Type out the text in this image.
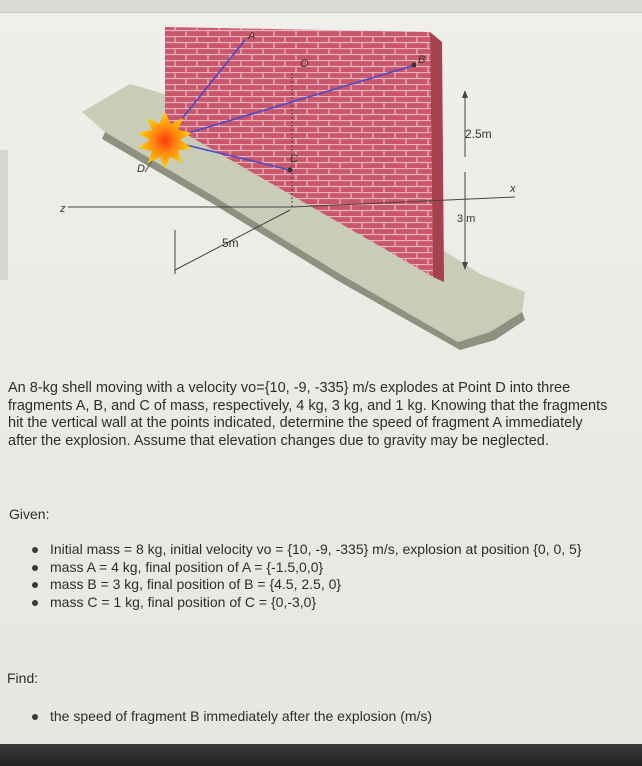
A
B
C
D
O
x
z
2.5m
3 m
5m
An 8-kg shell moving with a velocity vo={10, -9, -335} m/s explodes at Point D into three fragments A, B, and C of mass, respectively, 4 kg, 3 kg, and 1 kg. Knowing that the fragments hit the vertical wall at the points indicated, determine the speed of fragment A immediately after the explosion. Assume that elevation changes due to gravity may be neglected.
Given:
Initial mass = 8 kg, initial velocity vo = {10, -9, -335} m/s, explosion at position {0, 0, 5}
mass A = 4 kg, final position of A = {-1.5,0,0}
mass B = 3 kg, final position of B = {4.5, 2.5, 0}
mass C = 1 kg, final position of C = {0,-3,0}
Find:
the speed of fragment B immediately after the explosion (m/s)
